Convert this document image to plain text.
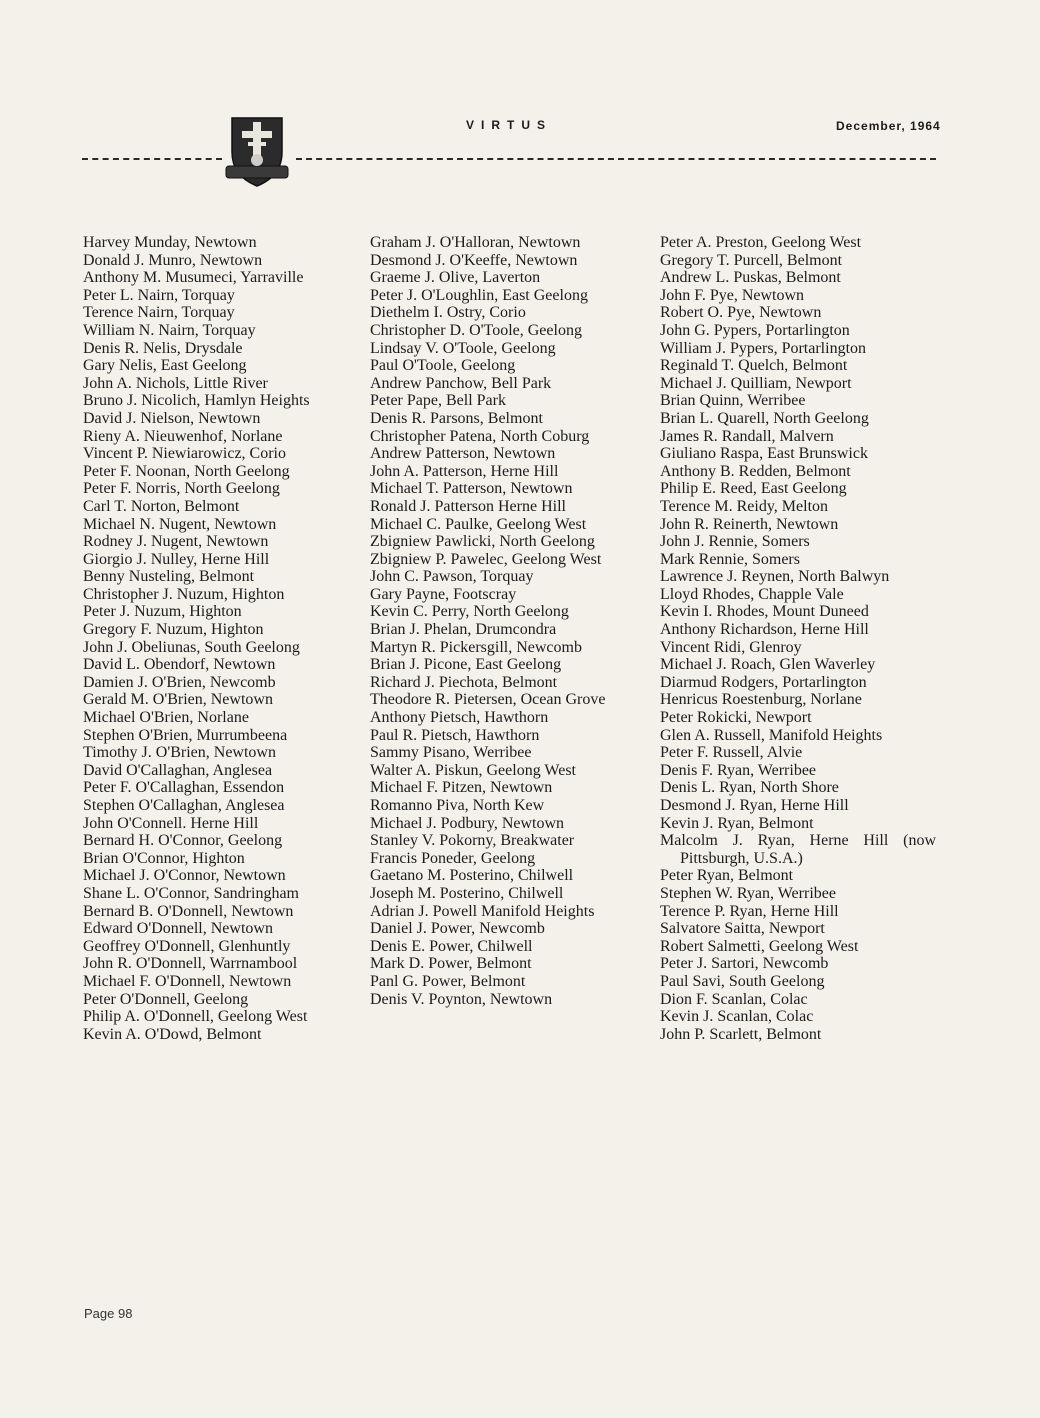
VIRTUS	December, 1964
Harvey Munday, Newtown
Donald J. Munro, Newtown
Anthony M. Musumeci, Yarraville
Peter L. Nairn, Torquay
Terence Nairn, Torquay
William N. Nairn, Torquay
Denis R. Nelis, Drysdale
Gary Nelis, East Geelong
John A. Nichols, Little River
Bruno J. Nicolich, Hamlyn Heights
David J. Nielson, Newtown
Rieny A. Nieuwenhof, Norlane
Vincent P. Niewiarowicz, Corio
Peter F. Noonan, North Geelong
Peter F. Norris, North Geelong
Carl T. Norton, Belmont
Michael N. Nugent, Newtown
Rodney J. Nugent, Newtown
Giorgio J. Nulley, Herne Hill
Benny Nusteling, Belmont
Christopher J. Nuzum, Highton
Peter J. Nuzum, Highton
Gregory F. Nuzum, Highton
John J. Obeliunas, South Geelong
David L. Obendorf, Newtown
Damien J. O'Brien, Newcomb
Gerald M. O'Brien, Newtown
Michael O'Brien, Norlane
Stephen O'Brien, Murrumbeena
Timothy J. O'Brien, Newtown
David O'Callaghan, Anglesea
Peter F. O'Callaghan, Essendon
Stephen O'Callaghan, Anglesea
John O'Connell. Herne Hill
Bernard H. O'Connor, Geelong
Brian O'Connor, Highton
Michael J. O'Connor, Newtown
Shane L. O'Connor, Sandringham
Bernard B. O'Donnell, Newtown
Edward O'Donnell, Newtown
Geoffrey O'Donnell, Glenhuntly
John R. O'Donnell, Warrnambool
Michael F. O'Donnell, Newtown
Peter O'Donnell, Geelong
Philip A. O'Donnell, Geelong West
Kevin A. O'Dowd, Belmont
Graham J. O'Halloran, Newtown
Desmond J. O'Keeffe, Newtown
Graeme J. Olive, Laverton
Peter J. O'Loughlin, East Geelong
Diethelm I. Ostry, Corio
Christopher D. O'Toole, Geelong
Lindsay V. O'Toole, Geelong
Paul O'Toole, Geelong
Andrew Panchow, Bell Park
Peter Pape, Bell Park
Denis R. Parsons, Belmont
Christopher Patena, North Coburg
Andrew Patterson, Newtown
John A. Patterson, Herne Hill
Michael T. Patterson, Newtown
Ronald J. Patterson Herne Hill
Michael C. Paulke, Geelong West
Zbigniew Pawlicki, North Geelong
Zbigniew P. Pawelec, Geelong West
John C. Pawson, Torquay
Gary Payne, Footscray
Kevin C. Perry, North Geelong
Brian J. Phelan, Drumcondra
Martyn R. Pickersgill, Newcomb
Brian J. Picone, East Geelong
Richard J. Piechota, Belmont
Theodore R. Pietersen, Ocean Grove
Anthony Pietsch, Hawthorn
Paul R. Pietsch, Hawthorn
Sammy Pisano, Werribee
Walter A. Piskun, Geelong West
Michael F. Pitzen, Newtown
Romanno Piva, North Kew
Michael J. Podbury, Newtown
Stanley V. Pokorny, Breakwater
Francis Poneder, Geelong
Gaetano M. Posterino, Chilwell
Joseph M. Posterino, Chilwell
Adrian J. Powell Manifold Heights
Daniel J. Power, Newcomb
Denis E. Power, Chilwell
Mark D. Power, Belmont
Panl G. Power, Belmont
Denis V. Poynton, Newtown
Peter A. Preston, Geelong West
Gregory T. Purcell, Belmont
Andrew L. Puskas, Belmont
John F. Pye, Newtown
Robert O. Pye, Newtown
John G. Pypers, Portarlington
William J. Pypers, Portarlington
Reginald T. Quelch, Belmont
Michael J. Quilliam, Newport
Brian Quinn, Werribee
Brian L. Quarell, North Geelong
James R. Randall, Malvern
Giuliano Raspa, East Brunswick
Anthony B. Redden, Belmont
Philip E. Reed, East Geelong
Terence M. Reidy, Melton
John R. Reinerth, Newtown
John J. Rennie, Somers
Mark Rennie, Somers
Lawrence J. Reynen, North Balwyn
Lloyd Rhodes, Chapple Vale
Kevin I. Rhodes, Mount Duneed
Anthony Richardson, Herne Hill
Vincent Ridi, Glenroy
Michael J. Roach, Glen Waverley
Diarmud Rodgers, Portarlington
Henricus Roestenburg, Norlane
Peter Rokicki, Newport
Glen A. Russell, Manifold Heights
Peter F. Russell, Alvie
Denis F. Ryan, Werribee
Denis L. Ryan, North Shore
Desmond J. Ryan, Herne Hill
Kevin J. Ryan, Belmont
Malcolm J. Ryan, Herne Hill (now Pittsburgh, U.S.A.)
Peter Ryan, Belmont
Stephen W. Ryan, Werribee
Terence P. Ryan, Herne Hill
Salvatore Saitta, Newport
Robert Salmetti, Geelong West
Peter J. Sartori, Newcomb
Paul Savi, South Geelong
Dion F. Scanlan, Colac
Kevin J. Scanlan, Colac
John P. Scarlett, Belmont
Page 98
